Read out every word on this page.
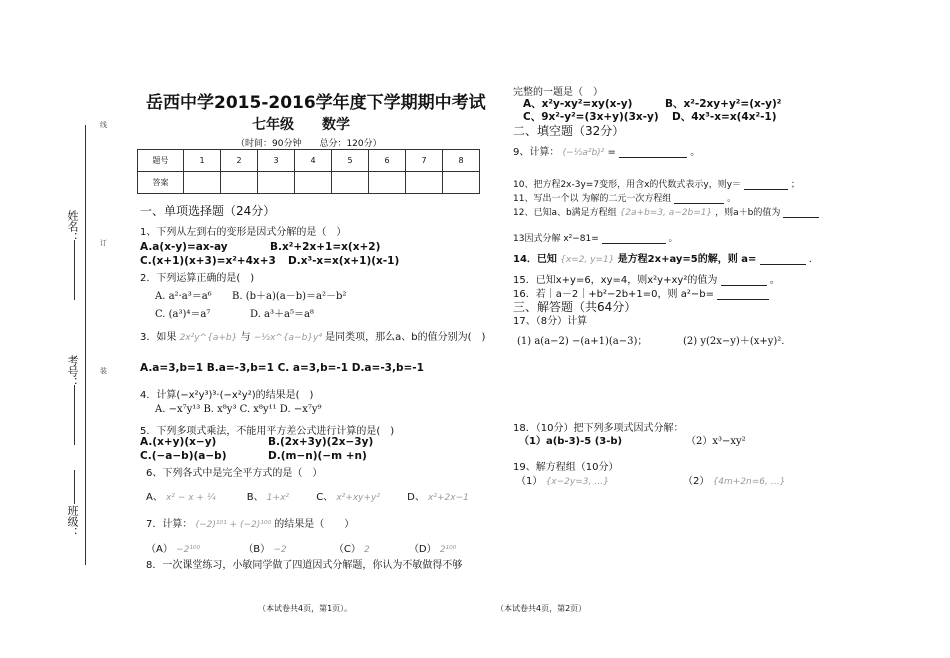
姓名：
考号：
班级：
线
订
装
岳西中学2015-2016学年度下学期期中考试
七年级　　数学
（时间：90分钟　　总分：120分）
题号	1	2	3	4	5	6	7	8
答案								
一、单项选择题（24分）
1、下列从左到右的变形是因式分解的是（　）
A.a(x-y)=ax-ay	B.x²+2x+1=x(x+2)
C.(x+1)(x+3)=x²+4x+3 D.x³-x=x(x+1)(x-1)
2．下列运算正确的是(　)
A. a²·a³＝a⁶ B. (b＋a)(a－b)＝a²－b²
C. (a³)⁴＝a⁷	D. a³＋a⁵＝a⁸
3．如果 2x²y^{a+b} 与 −½x^{a−b}y⁴ 是同类项，那么a、b的值分别为(　)
A.a=3,b=1 B.a=-3,b=1 C. a=3,b=-1 D.a=-3,b=-1
4．计算(−x²y³)³·(−x²y²)的结果是(　)
A. −x⁷y¹³ B. x⁸y³ C. x⁸y¹¹ D. −x⁷y⁹
5．下列多项式乘法，不能用平方差公式进行计算的是(　)
A.(x+y)(x−y)	B.(2x+3y)(2x−3y)
C.(−a−b)(a−b)	D.(m−n)(−m +n)
6、下列各式中是完全平方式的是（　）
A、 x² − x + ¼	B、 1+x²	C、 x²+xy+y²	D、 x²+2x−1
7．计算： (−2)¹⁰¹ + (−2)¹⁰⁰ 的结果是（　　）
（A） −2¹⁰⁰	（B） −2	（C） 2	（D） 2¹⁰⁰
8．一次课堂练习，小敏同学做了四道因式分解题，你认为不敏做得不够
完整的一题是（　）
A、x²y-xy²=xy(x-y)	B、x²-2xy+y²=(x-y)²
C、9x²-y²=(3x+y)(3x-y) D、4x³-x=x(4x²-1)
二、填空题（32分）
9、计算： (−½a²b)² =	。
10、把方程2x-3y=7变形，用含x的代数式表示y，则y＝	；
11、写出一个以 为解的二元一次方程组	。
12、已知a、b满足方程组 {2a+b=3, a−2b=1} ，则a＋b的值为
13因式分解 x²−81=	。
14．已知 {x=2, y=1} 是方程2x+ay=5的解，则 a=	.
15．已知x+y=6，xy=4，则x²y+xy²的值为	。
16．若｜a－2｜+b²−2b+1=0，则 a²−b=
三、解答题（共64分）
17、（8分）计算
(1) a(a−2) −(a+1)(a−3)；	(2) y(2x−y)＋(x+y)².
18．（10分）把下列多项式因式分解：
（1）a(b-3)-5 (3-b)	（2）x³−xy²
19、解方程组（10分）
（1） {x−2y=3, …}	（2） {4m+2n=6, …}
（本试卷共4页，第1页）。	（本试卷共4页，第2页）
